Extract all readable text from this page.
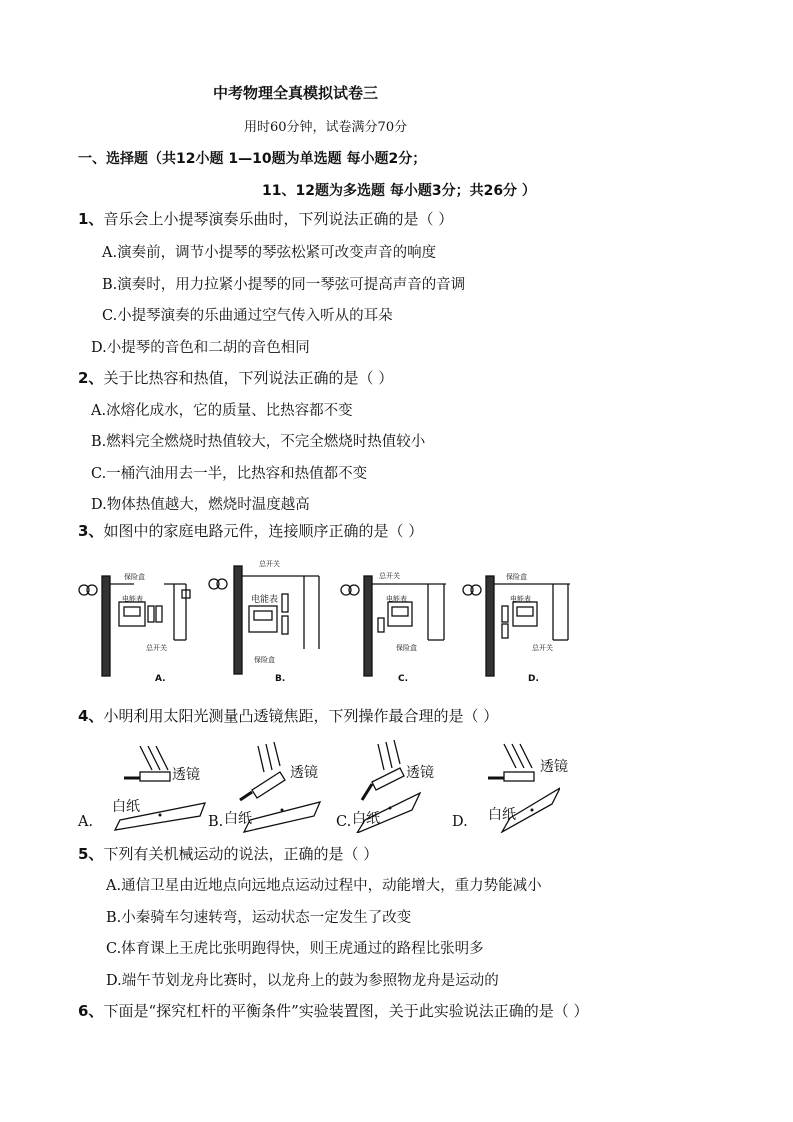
中考物理全真模拟试卷三
用时60分钟，试卷满分70分
一、选择题（共12小题 1—10题为单选题 每小题2分；
11、12题为多选题 每小题3分；共26分 ）
1、音乐会上小提琴演奏乐曲时，下列说法正确的是（ ）
A.演奏前，调节小提琴的琴弦松紧可改变声音的响度
B.演奏时，用力拉紧小提琴的同一琴弦可提高声音的音调
C.小提琴演奏的乐曲通过空气传入听从的耳朵
D.小提琴的音色和二胡的音色相同
2、关于比热容和热值，下列说法正确的是（ ）
A.冰熔化成水，它的质量、比热容都不变
B.燃料完全燃烧时热值较大，不完全燃烧时热值较小
C.一桶汽油用去一半，比热容和热值都不变
D.物体热值越大，燃烧时温度越高
3、如图中的家庭电路元件，连接顺序正确的是（ ）
保险盒
电能表
总开关
总开关
电能表
保险盒
总开关
电能表
保险盒
保险盒
电能表
总开关
A.	B.	C.	D.
4、小明利用太阳光测量凸透镜焦距，下列操作最合理的是（ ）
透镜	透镜	透镜	透镜
白纸
白纸	白纸	白纸
A.	B.	C.	D.
5、下列有关机械运动的说法，正确的是（ ）
A.通信卫星由近地点向远地点运动过程中，动能增大，重力势能减小
B.小秦骑车匀速转弯，运动状态一定发生了改变
C.体育课上王虎比张明跑得快，则王虎通过的路程比张明多
D.端午节划龙舟比赛时，以龙舟上的鼓为参照物龙舟是运动的
6、下面是“探究杠杆的平衡条件”实验装置图，关于此实验说法正确的是（ ）
